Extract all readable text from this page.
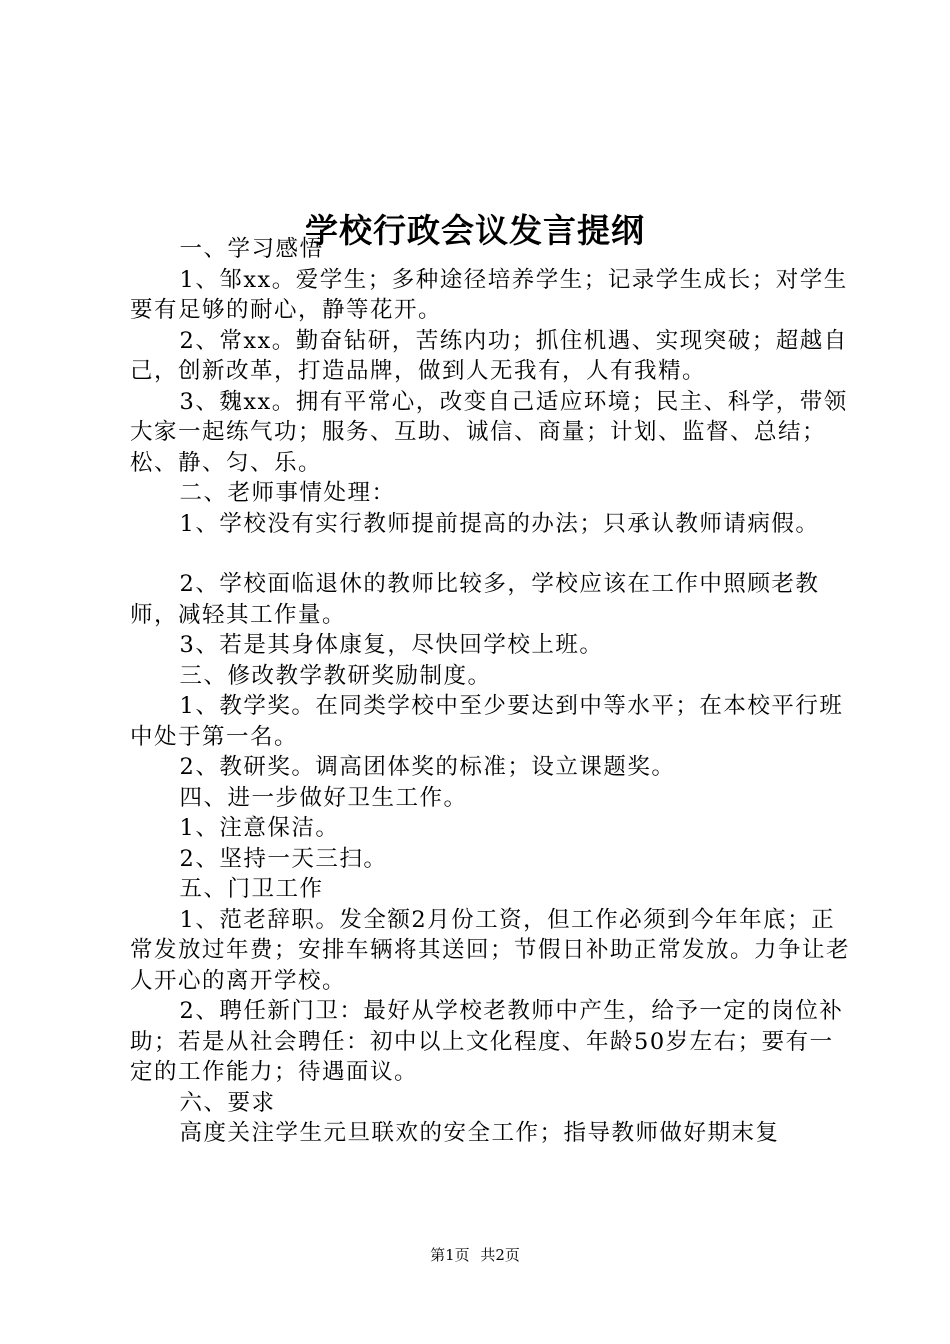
学校行政会议发言提纲

一、学习感悟

1、邹xx。爱学生；多种途径培养学生；记录学生成长；对学生要有足够的耐心，静等花开。

2、常xx。勤奋钻研，苦练内功；抓住机遇、实现突破；超越自己，创新改革，打造品牌，做到人无我有，人有我精。

3、魏xx。拥有平常心，改变自己适应环境；民主、科学，带领大家一起练气功；服务、互助、诚信、商量；计划、监督、总结；松、静、匀、乐。

二、老师事情处理：

1、学校没有实行教师提前提高的办法；只承认教师请病假。

2、学校面临退休的教师比较多，学校应该在工作中照顾老教师，减轻其工作量。

3、若是其身体康复，尽快回学校上班。

三、修改教学教研奖励制度。

1、教学奖。在同类学校中至少要达到中等水平；在本校平行班中处于第一名。

2、教研奖。调高团体奖的标准；设立课题奖。

四、进一步做好卫生工作。

1、注意保洁。

2、坚持一天三扫。

五、门卫工作

1、范老辞职。发全额2月份工资，但工作必须到今年年底；正常发放过年费；安排车辆将其送回；节假日补助正常发放。力争让老人开心的离开学校。

2、聘任新门卫：最好从学校老教师中产生，给予一定的岗位补助；若是从社会聘任：初中以上文化程度、年龄50岁左右；要有一定的工作能力；待遇面议。

六、要求

高度关注学生元旦联欢的安全工作；指导教师做好期末复

第1页 共2页
